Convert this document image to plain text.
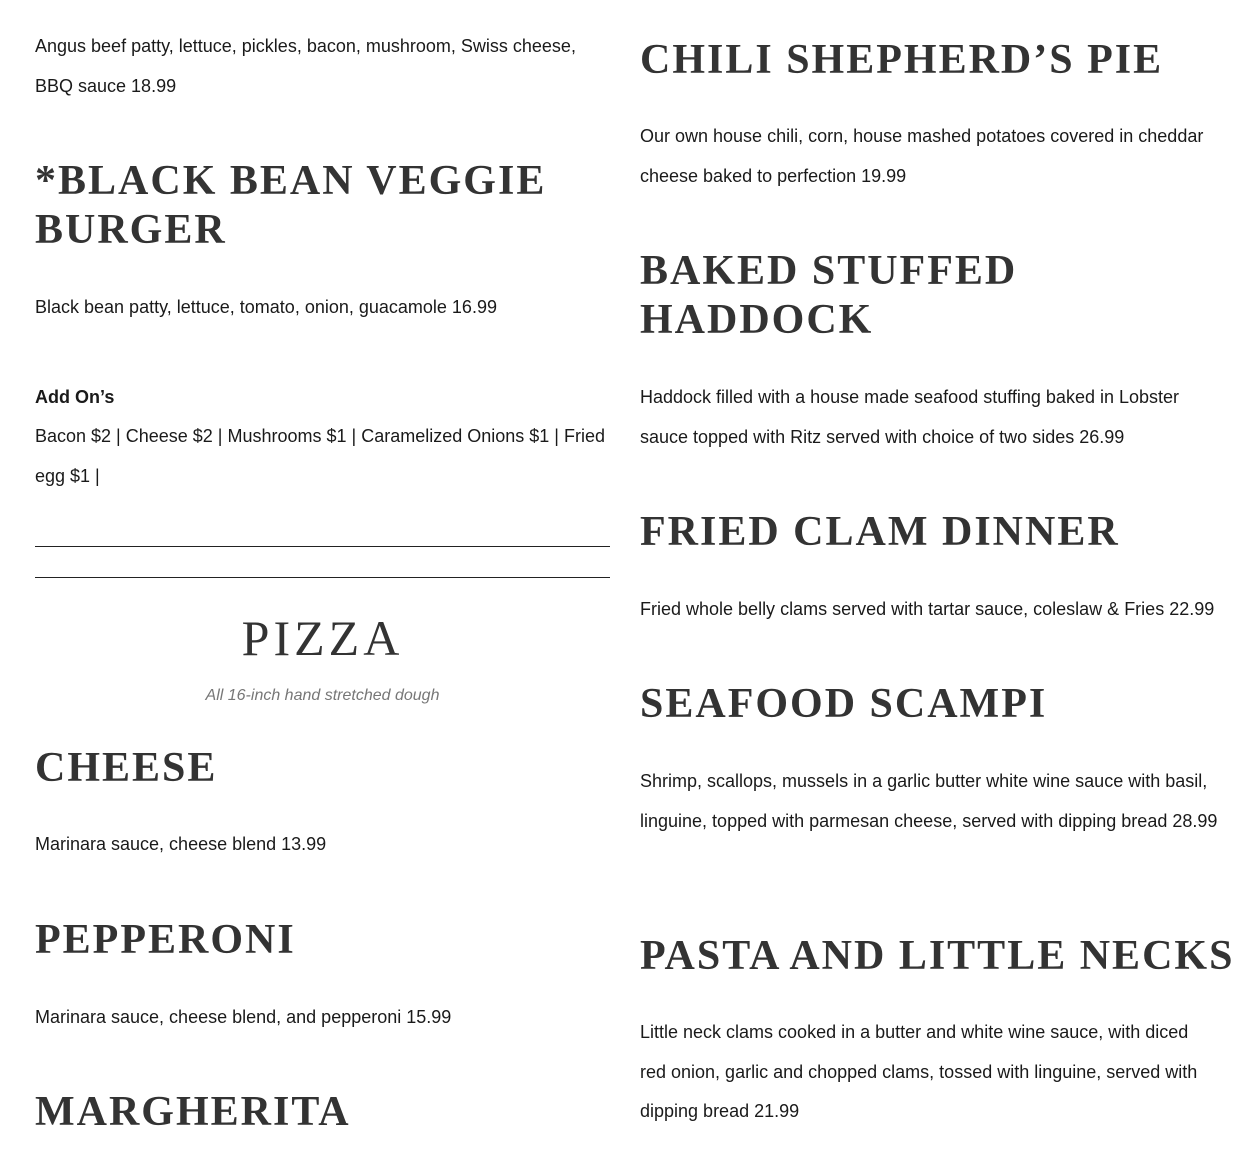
Angus beef patty, lettuce, pickles, bacon, mushroom, Swiss cheese, BBQ sauce 18.99

*BLACK BEAN VEGGIE BURGER

Black bean patty, lettuce, tomato, onion, guacamole 16.99

Add On’s

Bacon $2 | Cheese $2 | Mushrooms $1 | Caramelized Onions $1 | Fried egg $1 |

PIZZA
All 16-inch hand stretched dough
CHEESE

Marinara sauce, cheese blend 13.99

PEPPERONI

Marinara sauce, cheese blend, and pepperoni 15.99

MARGHERITA
CHILI SHEPHERD’S PIE

Our own house chili, corn, house mashed potatoes covered in cheddar cheese baked to perfection 19.99

BAKED STUFFED HADDOCK

Haddock filled with a house made seafood stuffing baked in Lobster sauce topped with Ritz served with choice of two sides 26.99

FRIED CLAM DINNER

Fried whole belly clams served with tartar sauce, coleslaw & Fries 22.99

SEAFOOD SCAMPI

Shrimp, scallops, mussels in a garlic butter white wine sauce with basil, linguine, topped with parmesan cheese, served with dipping bread 28.99

PASTA AND LITTLE NECKS

Little neck clams cooked in a butter and white wine sauce, with diced red onion, garlic and chopped clams, tossed with linguine, served with dipping bread 21.99
